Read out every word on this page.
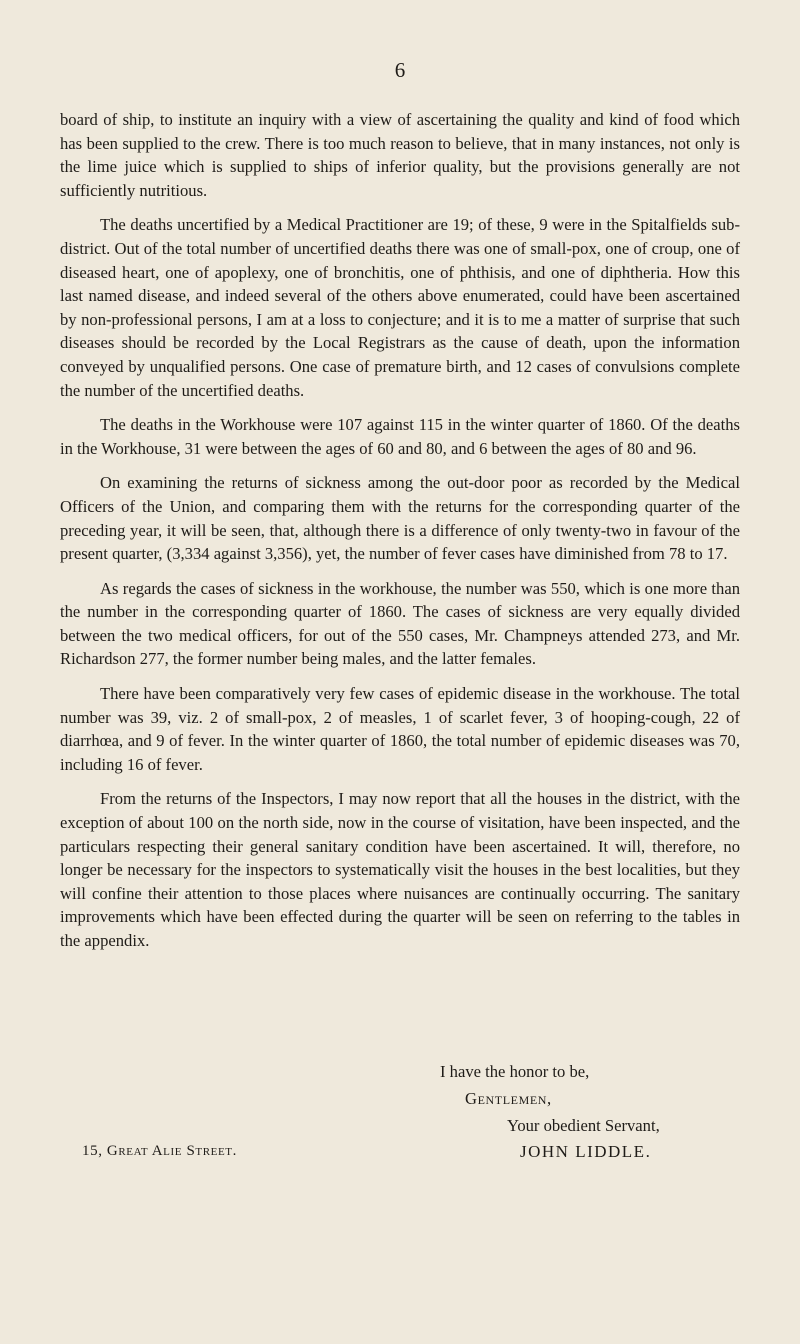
6

board of ship, to institute an inquiry with a view of ascertaining the quality and kind of food which has been supplied to the crew. There is too much reason to believe, that in many instances, not only is the lime juice which is supplied to ships of inferior quality, but the provisions generally are not sufficiently nutritious.

The deaths uncertified by a Medical Practitioner are 19; of these, 9 were in the Spitalfields sub-district. Out of the total number of uncertified deaths there was one of small-pox, one of croup, one of diseased heart, one of apoplexy, one of bronchitis, one of phthisis, and one of diphtheria. How this last named disease, and indeed several of the others above enumerated, could have been ascertained by non-professional persons, I am at a loss to conjecture; and it is to me a matter of surprise that such diseases should be recorded by the Local Registrars as the cause of death, upon the information conveyed by unqualified persons. One case of premature birth, and 12 cases of convulsions complete the number of the uncertified deaths.

The deaths in the Workhouse were 107 against 115 in the winter quarter of 1860. Of the deaths in the Workhouse, 31 were between the ages of 60 and 80, and 6 between the ages of 80 and 96.

On examining the returns of sickness among the out-door poor as recorded by the Medical Officers of the Union, and comparing them with the returns for the corresponding quarter of the preceding year, it will be seen, that, although there is a difference of only twenty-two in favour of the present quarter, (3,334 against 3,356), yet, the number of fever cases have diminished from 78 to 17.

As regards the cases of sickness in the workhouse, the number was 550, which is one more than the number in the corresponding quarter of 1860. The cases of sickness are very equally divided between the two medical officers, for out of the 550 cases, Mr. Champneys attended 273, and Mr. Richardson 277, the former number being males, and the latter females.

There have been comparatively very few cases of epidemic disease in the workhouse. The total number was 39, viz. 2 of small-pox, 2 of measles, 1 of scarlet fever, 3 of hooping-cough, 22 of diarrhœa, and 9 of fever. In the winter quarter of 1860, the total number of epidemic diseases was 70, including 16 of fever.

From the returns of the Inspectors, I may now report that all the houses in the district, with the exception of about 100 on the north side, now in the course of visitation, have been inspected, and the particulars respecting their general sanitary condition have been ascertained. It will, therefore, no longer be necessary for the inspectors to systematically visit the houses in the best localities, but they will confine their attention to those places where nuisances are continually occurring. The sanitary improvements which have been effected during the quarter will be seen on referring to the tables in the appendix.

I have the honor to be,
Gentlemen,
Your obedient Servant,
15, Great Alie Street.	JOHN LIDDLE.
